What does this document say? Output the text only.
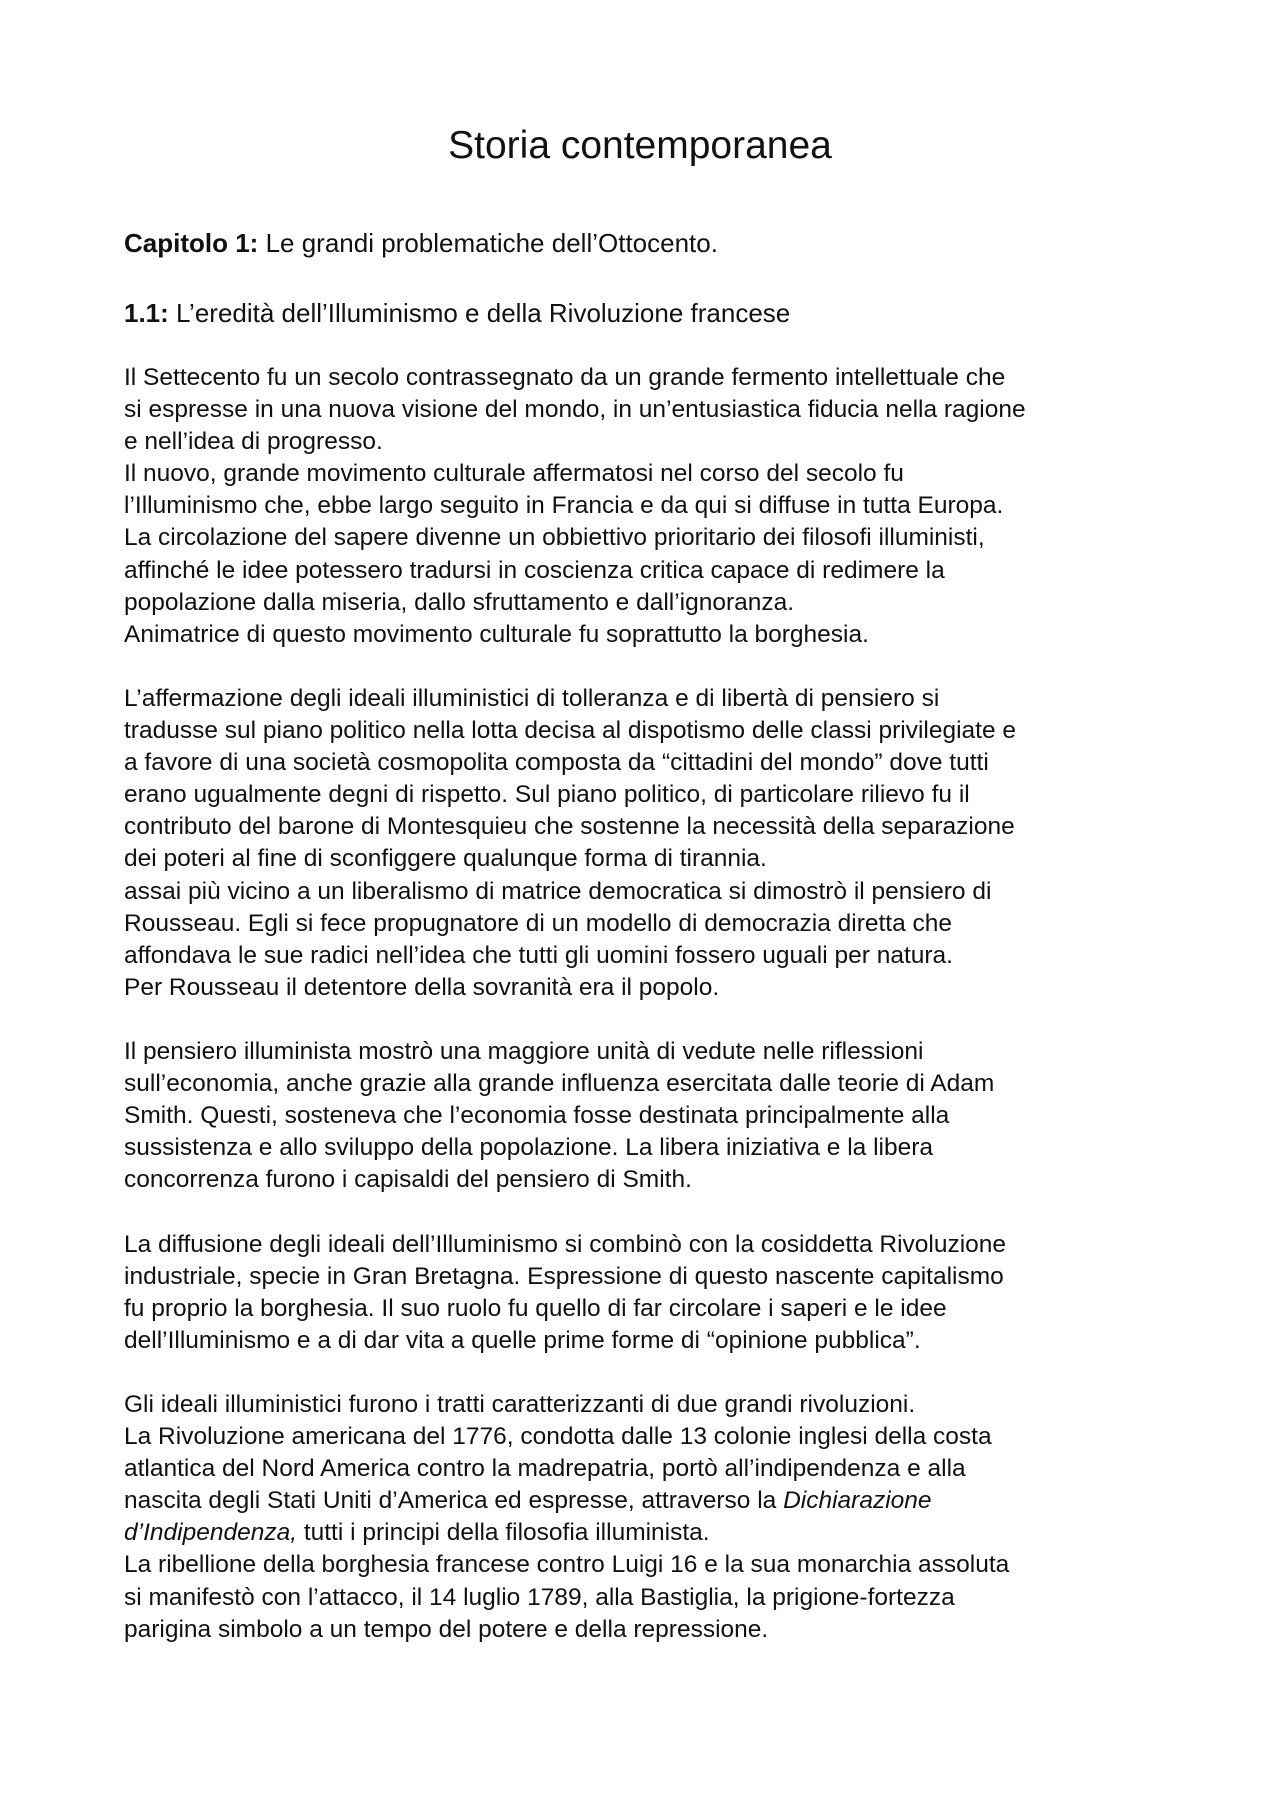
Storia contemporanea
Capitolo 1: Le grandi problematiche dell’Ottocento.
1.1: L’eredità dell’Illuminismo e della Rivoluzione francese
Il Settecento fu un secolo contrassegnato da un grande fermento intellettuale che
si espresse in una nuova visione del mondo, in un’entusiastica fiducia nella ragione
e nell’idea di progresso.
Il nuovo, grande movimento culturale affermatosi nel corso del secolo fu
l’Illuminismo che, ebbe largo seguito in Francia e da qui si diffuse in tutta Europa.
La circolazione del sapere divenne un obbiettivo prioritario dei filosofi illuministi,
affinché le idee potessero tradursi in coscienza critica capace di redimere la
popolazione dalla miseria, dallo sfruttamento e dall’ignoranza.
Animatrice di questo movimento culturale fu soprattutto la borghesia.
L’affermazione degli ideali illuministici di tolleranza e di libertà di pensiero si
tradusse sul piano politico nella lotta decisa al dispotismo delle classi privilegiate e
a favore di una società cosmopolita composta da “cittadini del mondo” dove tutti
erano ugualmente degni di rispetto. Sul piano politico, di particolare rilievo fu il
contributo del barone di Montesquieu che sostenne la necessità della separazione
dei poteri al fine di sconfiggere qualunque forma di tirannia.
assai più vicino a un liberalismo di matrice democratica si dimostrò il pensiero di
Rousseau. Egli si fece propugnatore di un modello di democrazia diretta che
affondava le sue radici nell’idea che tutti gli uomini fossero uguali per natura.
Per Rousseau il detentore della sovranità era il popolo.
Il pensiero illuminista mostrò una maggiore unità di vedute nelle riflessioni
sull’economia, anche grazie alla grande influenza esercitata dalle teorie di Adam
Smith. Questi, sosteneva che l’economia fosse destinata principalmente alla
sussistenza e allo sviluppo della popolazione. La libera iniziativa e la libera
concorrenza furono i capisaldi del pensiero di Smith.
La diffusione degli ideali dell’Illuminismo si combinò con la cosiddetta Rivoluzione
industriale, specie in Gran Bretagna. Espressione di questo nascente capitalismo
fu proprio la borghesia. Il suo ruolo fu quello di far circolare i saperi e le idee
dell’Illuminismo e a di dar vita a quelle prime forme di “opinione pubblica”.
Gli ideali illuministici furono i tratti caratterizzanti di due grandi rivoluzioni.
La Rivoluzione americana del 1776, condotta dalle 13 colonie inglesi della costa
atlantica del Nord America contro la madrepatria, portò all’indipendenza e alla
nascita degli Stati Uniti d’America ed espresse, attraverso la Dichiarazione
d’Indipendenza, tutti i principi della filosofia illuminista.
La ribellione della borghesia francese contro Luigi 16 e la sua monarchia assoluta
si manifestò con l’attacco, il 14 luglio 1789, alla Bastiglia, la prigione-fortezza
parigina simbolo a un tempo del potere e della repressione.
